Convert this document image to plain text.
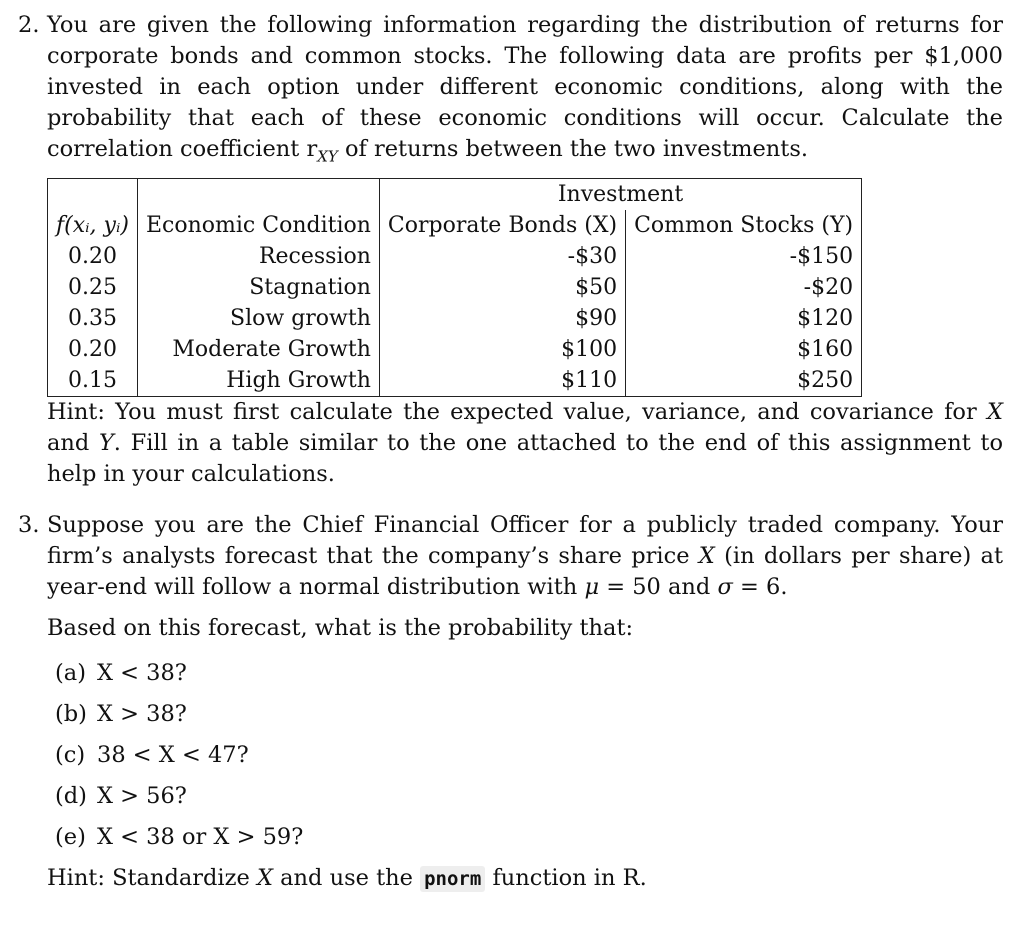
2. You are given the following information regarding the distribution of returns for corporate bonds and common stocks. The following data are profits per $1,000 invested in each option under different economic conditions, along with the probability that each of these economic conditions will occur. Calculate the correlation coefficient $r_{XY}$ of returns between the two investments.
		Investment	
f(xᵢ, yᵢ)	Economic Condition	Corporate Bonds (X)	Common Stocks (Y)
0.20	Recession	-$30	-$150
0.25	Stagnation	$50	-$20
0.35	Slow growth	$90	$120
0.20	Moderate Growth	$100	$160
0.15	High Growth	$110	$250
Hint: You must first calculate the expected value, variance, and covariance for X and Y. Fill in a table similar to the one attached to the end of this assignment to help in your calculations.
3. Suppose you are the Chief Financial Officer for a publicly traded company. Your firm’s analysts forecast that the company’s share price X (in dollars per share) at year-end will follow a normal distribution with μ = 50 and σ = 6.
Based on this forecast, what is the probability that:
(a) X < 38?
(b) X > 38?
(c) 38 < X < 47?
(d) X > 56?
(e) X < 38 or X > 59?
Hint: Standardize X and use the pnorm function in R.
